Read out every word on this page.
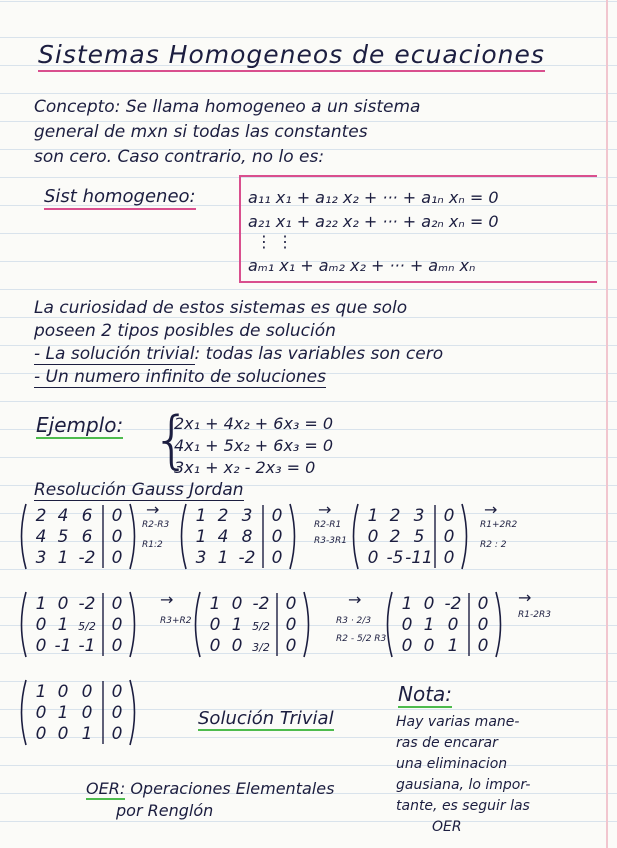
Sistemas Homogeneos de ecuaciones
Concepto: Se llama homogeneo a un sistema
general de mxn si todas las constantes
son cero. Caso contrario, no lo es:
Sist homogeneo:	a₁₁ x₁ + a₁₂ x₂ + ··· + a₁ₙ xₙ = 0
a₂₁ x₁ + a₂₂ x₂ + ··· + a₂ₙ xₙ = 0
⋮ ⋮
aₘ₁ x₁ + aₘ₂ x₂ + ··· + aₘₙ xₙ
La curiosidad de estos sistemas es que solo
poseen 2 tipos posibles de solución
- La solución trivial: todas las variables son cero
- Un numero infinito de soluciones
Ejemplo: {
2x₁ + 4x₂ + 6x₃ = 0
4x₁ + 5x₂ + 6x₃ = 0
3x₁ + x₂ - 2x₃ = 0
Resolución Gauss Jordan
2 4 6 0
4 5 6 0
3 1 -2 0
→
R2-R3
R1:2
1 2 3 0
1 4 8 0
3 1 -2 0
→
R2-R1
R3-3R1
1 2 3 0
0 2 5 0
0 -5 -11 0
→
R1+2R2
R2 : 2
1 0 -2 0
0 1 5/2 0
0 -1 -1 0
→
R3+R2
1 0 -2 0
0 1 5/2 0
0 0 3/2 0
→
R3 · 2/3
R2 - 5/2 R3
1 0 -2 0
0 1 0 0
0 0 1 0
→
R1-2R3
1 0 0 0
0 1 0 0
0 0 1 0
Solución Trivial
Nota:
Hay varias mane-
ras de encarar
una eliminacion
gausiana, lo impor-
tante, es seguir las
OER
OER: Operaciones Elementales
por Renglón
